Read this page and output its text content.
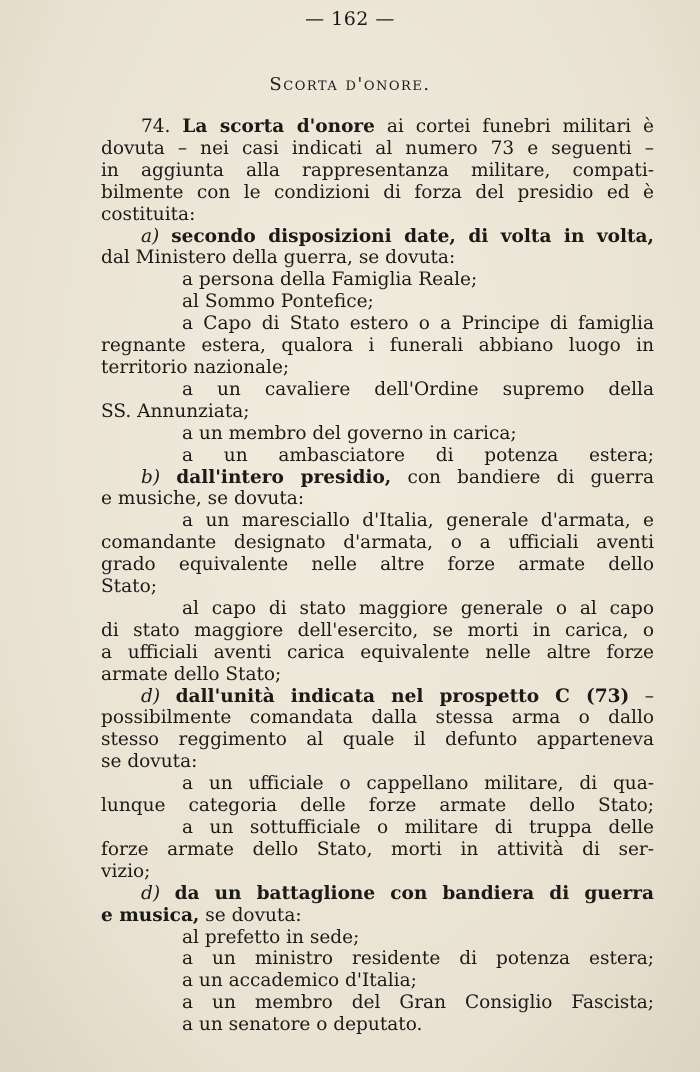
— 162 —
Scorta d'onore.

74. La scorta d'onore ai cortei funebri militari è

dovuta – nei casi indicati al numero 73 e seguenti –

in aggiunta alla rappresentanza militare, compati-

bilmente con le condizioni di forza del presidio ed è

costituita:

a) secondo disposizioni date, di volta in volta,

dal Ministero della guerra, se dovuta:

a persona della Famiglia Reale;

al Sommo Pontefice;

a Capo di Stato estero o a Principe di famiglia

regnante estera, qualora i funerali abbiano luogo in

territorio nazionale;

a un cavaliere dell'Ordine supremo della

SS. Annunziata;

a un membro del governo in carica;

a un ambasciatore di potenza estera;

b) dall'intero presidio, con bandiere di guerra

e musiche, se dovuta:

a un maresciallo d'Italia, generale d'armata, e

comandante designato d'armata, o a ufficiali aventi

grado equivalente nelle altre forze armate dello

Stato;

al capo di stato maggiore generale o al capo

di stato maggiore dell'esercito, se morti in carica, o

a ufficiali aventi carica equivalente nelle altre forze

armate dello Stato;

d) dall'unità indicata nel prospetto C (73) –

possibilmente comandata dalla stessa arma o dallo

stesso reggimento al quale il defunto apparteneva

se dovuta:

a un ufficiale o cappellano militare, di qua-

lunque categoria delle forze armate dello Stato;

a un sottufficiale o militare di truppa delle

forze armate dello Stato, morti in attività di ser-

vizio;

d) da un battaglione con bandiera di guerra

e musica, se dovuta:

al prefetto in sede;

a un ministro residente di potenza estera;

a un accademico d'Italia;

a un membro del Gran Consiglio Fascista;

a un senatore o deputato.
